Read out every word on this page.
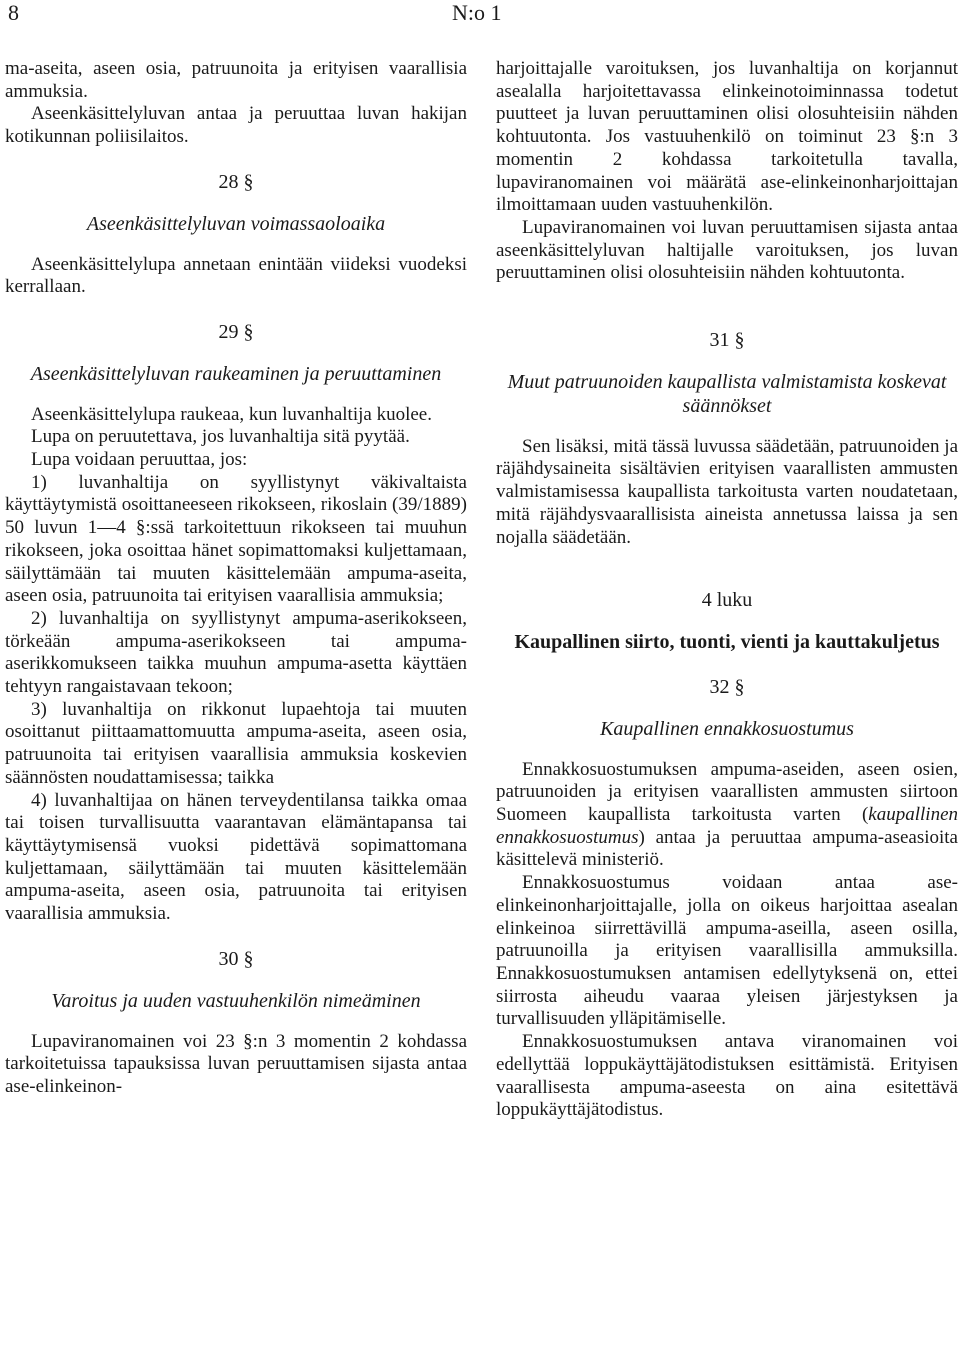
8	N:o 1

ma-aseita, aseen osia, patruunoita ja erityisen vaarallisia ammuksia.

Aseenkäsittelyluvan antaa ja peruuttaa luvan hakijan kotikunnan poliisilaitos.

28 §
Aseenkäsittelyluvan voimassaoloaika

Aseenkäsittelylupa annetaan enintään viideksi vuodeksi kerrallaan.

29 §
Aseenkäsittelyluvan raukeaminen ja peruuttaminen

Aseenkäsittelylupa raukeaa, kun luvanhaltija kuolee.

Lupa on peruutettava, jos luvanhaltija sitä pyytää.

Lupa voidaan peruuttaa, jos:

1) luvanhaltija on syyllistynyt väkivaltaista käyttäytymistä osoittaneeseen rikokseen, rikoslain (39/1889) 50 luvun 1—4 §:ssä tarkoitettuun rikokseen tai muuhun rikokseen, joka osoittaa hänet sopimattomaksi kuljettamaan, säilyttämään tai muuten käsittelemään ampuma-aseita, aseen osia, patruunoita tai erityisen vaarallisia ammuksia;

2) luvanhaltija on syyllistynyt ampuma-aserikokseen, törkeään ampuma-aserikokseen tai ampuma-aserikkomukseen taikka muuhun ampuma-asetta käyttäen tehtyyn rangaistavaan tekoon;

3) luvanhaltija on rikkonut lupaehtoja tai muuten osoittanut piittaamattomuutta ampuma-aseita, aseen osia, patruunoita tai erityisen vaarallisia ammuksia koskevien säännösten noudattamisessa; taikka

4) luvanhaltijaa on hänen terveydentilansa taikka omaa tai toisen turvallisuutta vaarantavan elämäntapansa tai käyttäytymisensä vuoksi pidettävä sopimattomana kuljettamaan, säilyttämään tai muuten käsittelemään ampuma-aseita, aseen osia, patruunoita tai erityisen vaarallisia ammuksia.

30 §
Varoitus ja uuden vastuuhenkilön nimeäminen

Lupaviranomainen voi 23 §:n 3 momentin 2 kohdassa tarkoitetuissa tapauksissa luvan peruuttamisen sijasta antaa ase-elinkeinon-

harjoittajalle varoituksen, jos luvanhaltija on korjannut asealalla harjoitettavassa elinkeinotoiminnassa todetut puutteet ja luvan peruuttaminen olisi olosuhteisiin nähden kohtuutonta. Jos vastuuhenkilö on toiminut 23 §:n 3 momentin 2 kohdassa tarkoitetulla tavalla, lupaviranomainen voi määrätä ase-elinkeinonharjoittajan ilmoittamaan uuden vastuuhenkilön.

Lupaviranomainen voi luvan peruuttamisen sijasta antaa aseenkäsittelyluvan haltijalle varoituksen, jos luvan peruuttaminen olisi olosuhteisiin nähden kohtuutonta.

31 §
Muut patruunoiden kaupallista valmistamista koskevat säännökset

Sen lisäksi, mitä tässä luvussa säädetään, patruunoiden ja räjähdysaineita sisältävien erityisen vaarallisten ammusten valmistamisessa kaupallista tarkoitusta varten noudatetaan, mitä räjähdysvaarallisista aineista annetussa laissa ja sen nojalla säädetään.

4 luku
Kaupallinen siirto, tuonti, vienti ja kauttakuljetus
32 §
Kaupallinen ennakkosuostumus

Ennakkosuostumuksen ampuma-aseiden, aseen osien, patruunoiden ja erityisen vaarallisten ammusten siirtoon Suomeen kaupallista tarkoitusta varten (kaupallinen ennakkosuostumus) antaa ja peruuttaa ampuma-aseasioita käsittelevä ministeriö.

Ennakkosuostumus voidaan antaa ase-elinkeinonharjoittajalle, jolla on oikeus harjoittaa asealan elinkeinoa siirrettävillä ampuma-aseilla, aseen osilla, patruunoilla ja erityisen vaarallisilla ammuksilla. Ennakkosuostumuksen antamisen edellytyksenä on, ettei siirrosta aiheudu vaaraa yleisen järjestyksen ja turvallisuuden ylläpitämiselle.

Ennakkosuostumuksen antava viranomainen voi edellyttää loppukäyttäjätodistuksen esittämistä. Erityisen vaarallisesta ampuma-aseesta on aina esitettävä loppukäyttäjätodistus.
